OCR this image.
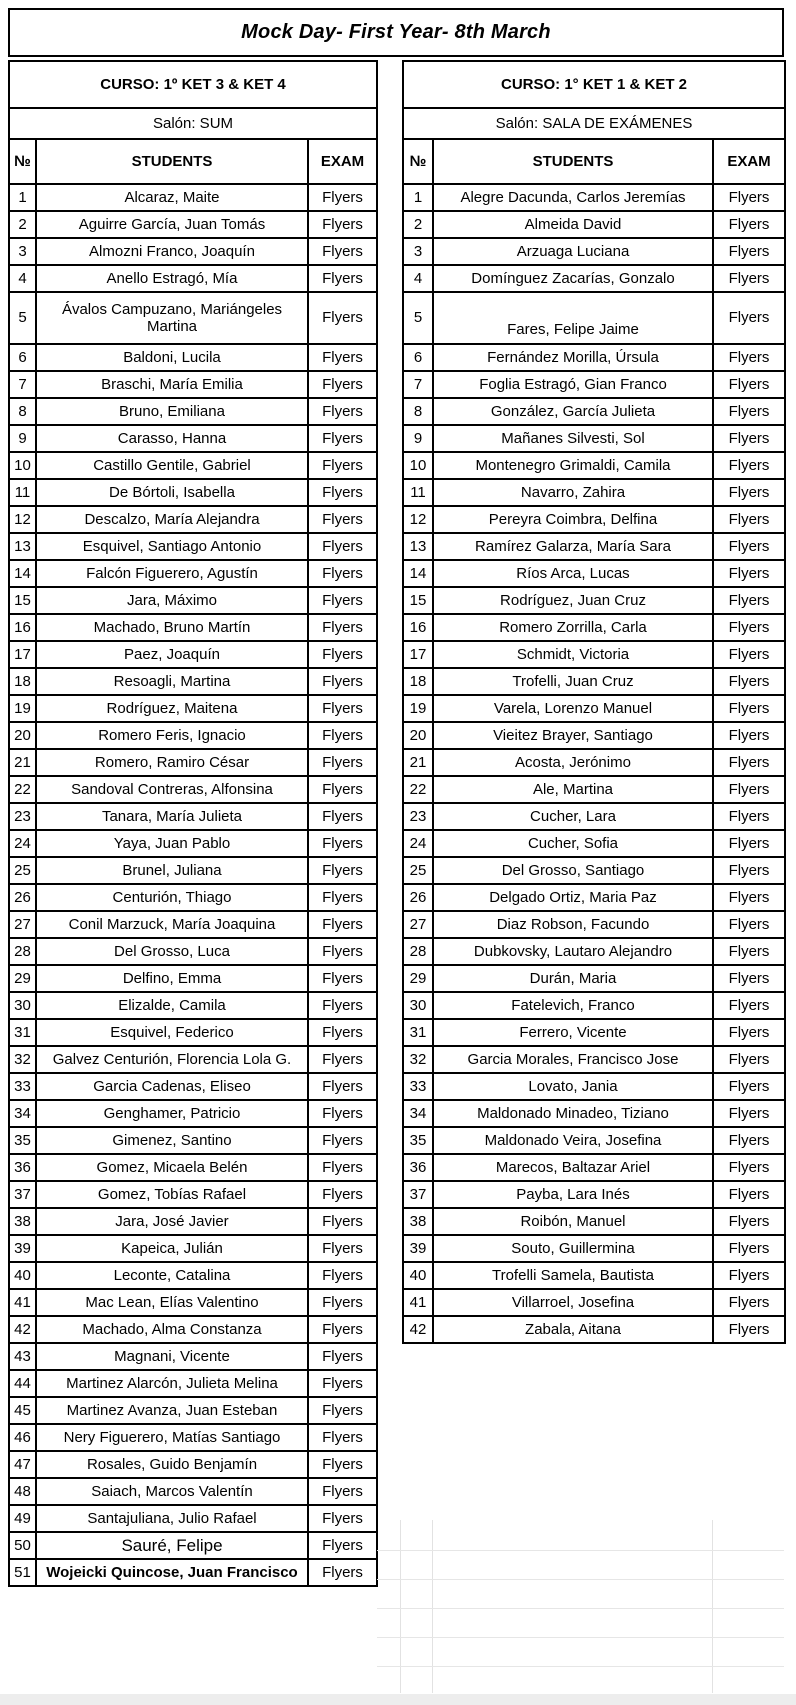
Mock Day- First Year- 8th March
CURSO: 1º KET 3 & KET 4		
Salón: SUM		
№	STUDENTS	EXAM
1	Alcaraz, Maite	Flyers
2	Aguirre García, Juan Tomás	Flyers
3	Almozni Franco, Joaquín	Flyers
4	Anello Estragó, Mía	Flyers
5	Ávalos Campuzano, Mariángeles Martina	Flyers
6	Baldoni, Lucila	Flyers
7	Braschi, María Emilia	Flyers
8	Bruno, Emiliana	Flyers
9	Carasso, Hanna	Flyers
10	Castillo Gentile, Gabriel	Flyers
11	De Bórtoli, Isabella	Flyers
12	Descalzo, María Alejandra	Flyers
13	Esquivel, Santiago Antonio	Flyers
14	Falcón Figuerero, Agustín	Flyers
15	Jara, Máximo	Flyers
16	Machado, Bruno Martín	Flyers
17	Paez, Joaquín	Flyers
18	Resoagli, Martina	Flyers
19	Rodríguez, Maitena	Flyers
20	Romero Feris, Ignacio	Flyers
21	Romero, Ramiro César	Flyers
22	Sandoval Contreras, Alfonsina	Flyers
23	Tanara, María Julieta	Flyers
24	Yaya, Juan Pablo	Flyers
25	Brunel, Juliana	Flyers
26	Centurión, Thiago	Flyers
27	Conil Marzuck, María Joaquina	Flyers
28	Del Grosso, Luca	Flyers
29	Delfino, Emma	Flyers
30	Elizalde, Camila	Flyers
31	Esquivel, Federico	Flyers
32	Galvez Centurión, Florencia Lola G.	Flyers
33	Garcia Cadenas, Eliseo	Flyers
34	Genghamer, Patricio	Flyers
35	Gimenez, Santino	Flyers
36	Gomez, Micaela Belén	Flyers
37	Gomez, Tobías Rafael	Flyers
38	Jara, José Javier	Flyers
39	Kapeica, Julián	Flyers
40	Leconte, Catalina	Flyers
41	Mac Lean, Elías Valentino	Flyers
42	Machado, Alma Constanza	Flyers
43	Magnani, Vicente	Flyers
44	Martinez Alarcón, Julieta Melina	Flyers
45	Martinez Avanza, Juan Esteban	Flyers
46	Nery Figuerero, Matías Santiago	Flyers
47	Rosales, Guido Benjamín	Flyers
48	Saiach, Marcos Valentín	Flyers
49	Santajuliana, Julio Rafael	Flyers
50	Sauré, Felipe	Flyers
51	Wojeicki Quincose, Juan Francisco	Flyers
CURSO: 1° KET 1 & KET 2		
Salón: SALA DE EXÁMENES		
№	STUDENTS	EXAM
1	Alegre Dacunda, Carlos Jeremías	Flyers
2	Almeida David	Flyers
3	Arzuaga Luciana	Flyers
4	Domínguez Zacarías, Gonzalo	Flyers
5	Fares, Felipe Jaime	Flyers
6	Fernández Morilla, Úrsula	Flyers
7	Foglia Estragó, Gian Franco	Flyers
8	González, García Julieta	Flyers
9	Mañanes Silvesti, Sol	Flyers
10	Montenegro Grimaldi, Camila	Flyers
11	Navarro, Zahira	Flyers
12	Pereyra Coimbra, Delfina	Flyers
13	Ramírez Galarza, María Sara	Flyers
14	Ríos Arca, Lucas	Flyers
15	Rodríguez, Juan Cruz	Flyers
16	Romero Zorrilla, Carla	Flyers
17	Schmidt, Victoria	Flyers
18	Trofelli, Juan Cruz	Flyers
19	Varela, Lorenzo Manuel	Flyers
20	Vieitez Brayer, Santiago	Flyers
21	Acosta, Jerónimo	Flyers
22	Ale, Martina	Flyers
23	Cucher, Lara	Flyers
24	Cucher, Sofia	Flyers
25	Del Grosso, Santiago	Flyers
26	Delgado Ortiz, Maria Paz	Flyers
27	Diaz Robson, Facundo	Flyers
28	Dubkovsky, Lautaro Alejandro	Flyers
29	Durán, Maria	Flyers
30	Fatelevich, Franco	Flyers
31	Ferrero, Vicente	Flyers
32	Garcia Morales, Francisco Jose	Flyers
33	Lovato, Jania	Flyers
34	Maldonado Minadeo, Tiziano	Flyers
35	Maldonado Veira, Josefina	Flyers
36	Marecos, Baltazar Ariel	Flyers
37	Payba, Lara Inés	Flyers
38	Roibón, Manuel	Flyers
39	Souto, Guillermina	Flyers
40	Trofelli Samela, Bautista	Flyers
41	Villarroel, Josefina	Flyers
42	Zabala, Aitana	Flyers
